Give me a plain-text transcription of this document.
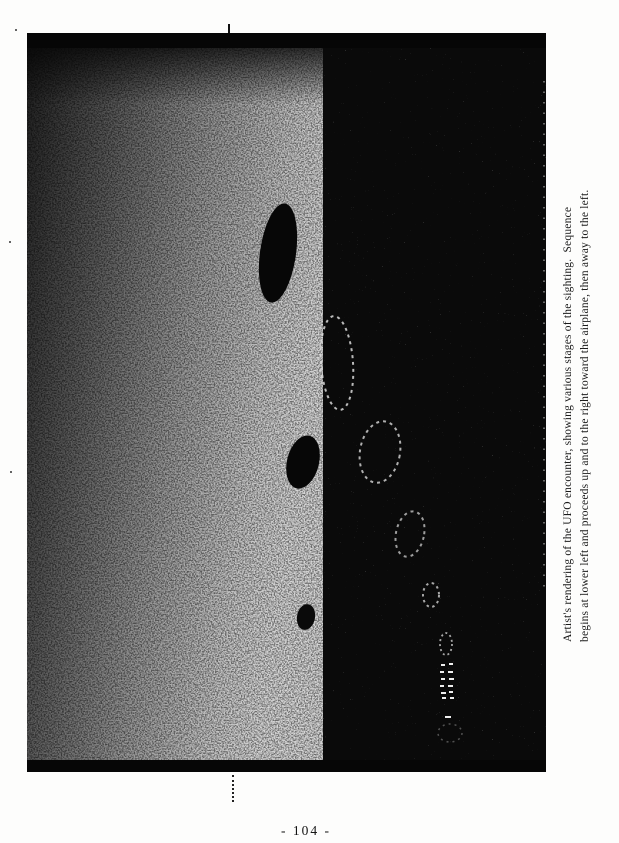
Artist's rendering of the UFO encounter, showing various stages of the sighting.  Sequence begins at lower left and proceeds up and to the right toward the airplane, then away to the left.
- 104 -
